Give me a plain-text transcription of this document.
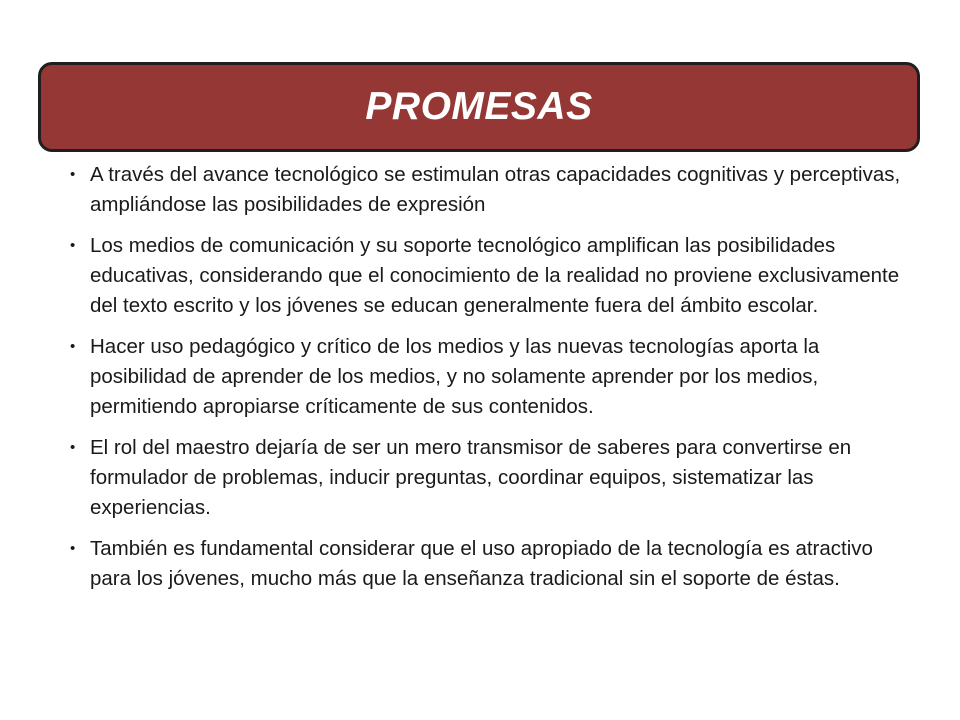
PROMESAS
• A través del avance tecnológico se estimulan otras capacidades cognitivas y perceptivas, ampliándose las posibilidades de expresión
• Los medios de comunicación y su soporte tecnológico amplifican las posibilidades educativas, considerando que el conocimiento de la realidad no proviene exclusivamente del texto escrito y los jóvenes se educan generalmente fuera del ámbito escolar.
• Hacer uso pedagógico y crítico de los medios y las nuevas tecnologías aporta la posibilidad de aprender de los medios, y no solamente aprender por los medios, permitiendo apropiarse críticamente de sus contenidos.
• El rol del maestro dejaría de ser un mero transmisor de saberes para convertirse en formulador de problemas, inducir preguntas, coordinar equipos, sistematizar las experiencias.
• También es fundamental considerar que el uso apropiado de la tecnología es atractivo para los jóvenes, mucho más que la enseñanza tradicional sin el soporte de éstas.
